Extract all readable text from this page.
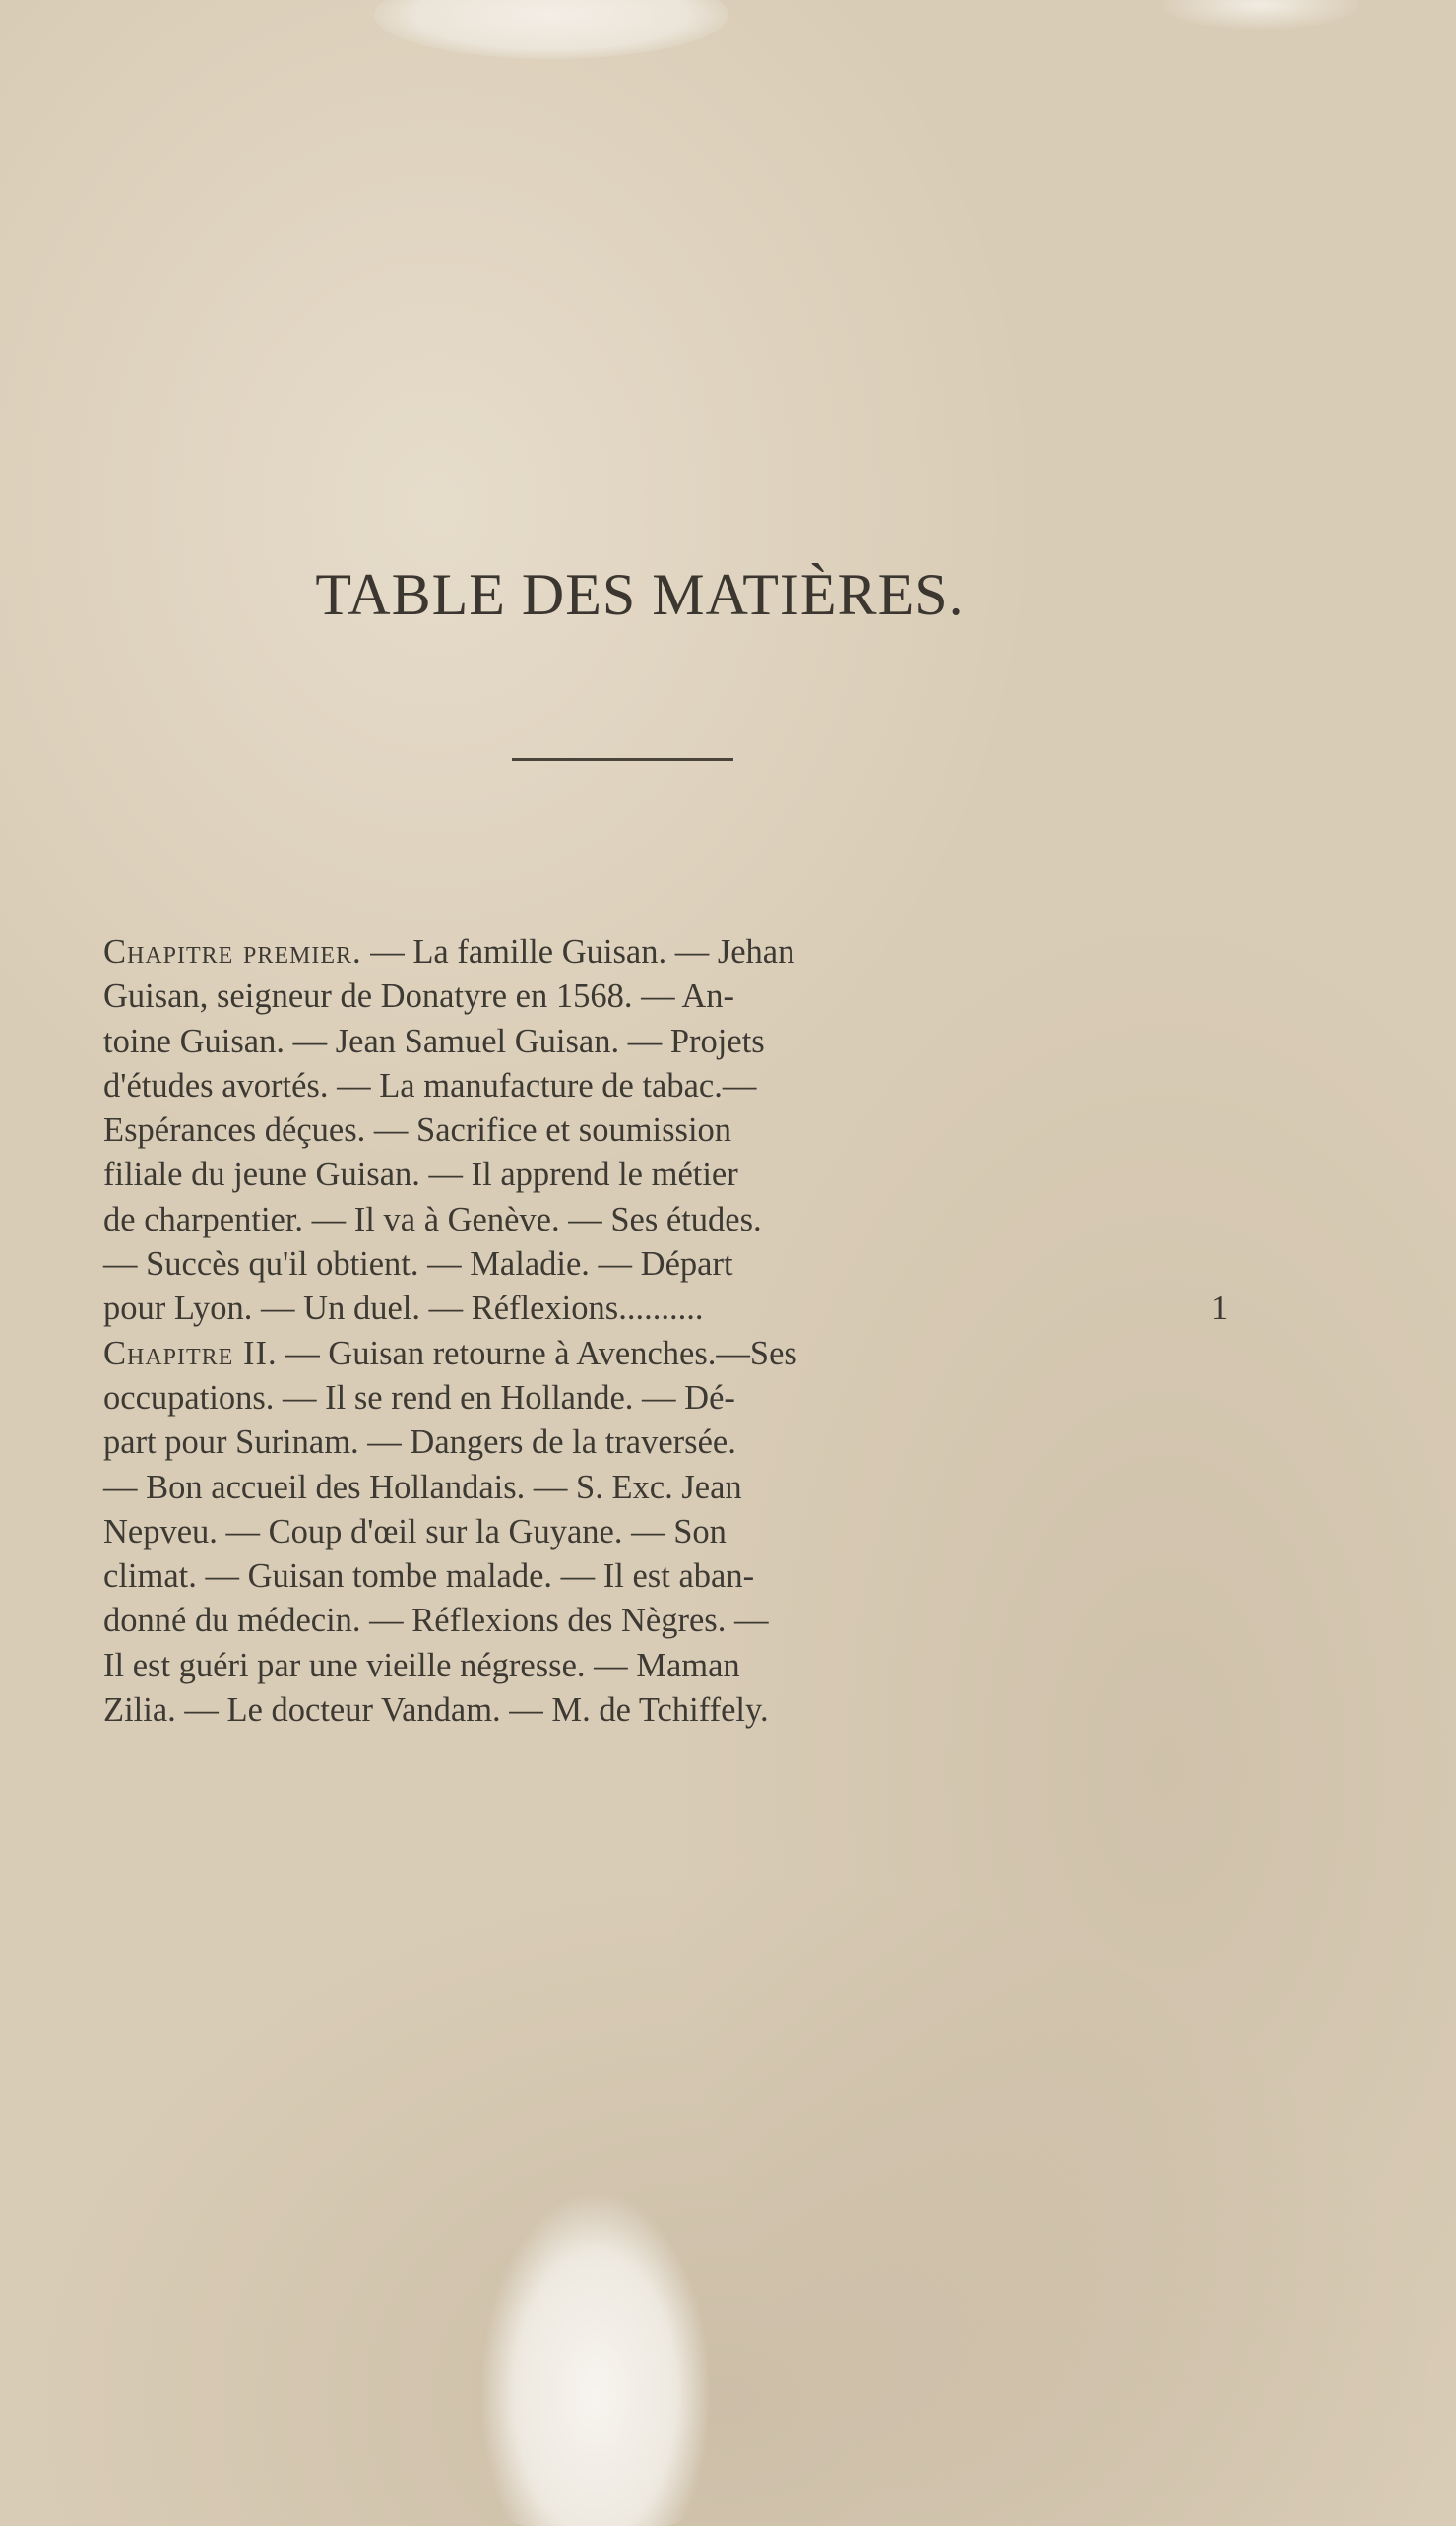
TABLE DES MATIÈRES.
Chapitre premier. — La famille Guisan. — Jehan
Guisan, seigneur de Donatyre en 1568. — An-
toine Guisan. — Jean Samuel Guisan. — Projets
d'études avortés. — La manufacture de tabac.—
Espérances déçues. — Sacrifice et soumission
filiale du jeune Guisan. — Il apprend le métier
de charpentier. — Il va à Genève. — Ses études.
— Succès qu'il obtient. — Maladie. — Départ
pour Lyon. — Un duel. — Réflexions..........	1
Chapitre II. — Guisan retourne à Avenches.—Ses
occupations. — Il se rend en Hollande. — Dé-
part pour Surinam. — Dangers de la traversée.
— Bon accueil des Hollandais. — S. Exc. Jean
Nepveu. — Coup d'œil sur la Guyane. — Son
climat. — Guisan tombe malade. — Il est aban-
donné du médecin. — Réflexions des Nègres. —
Il est guéri par une vieille négresse. — Maman
Zilia. — Le docteur Vandam. — M. de Tchiffely.
